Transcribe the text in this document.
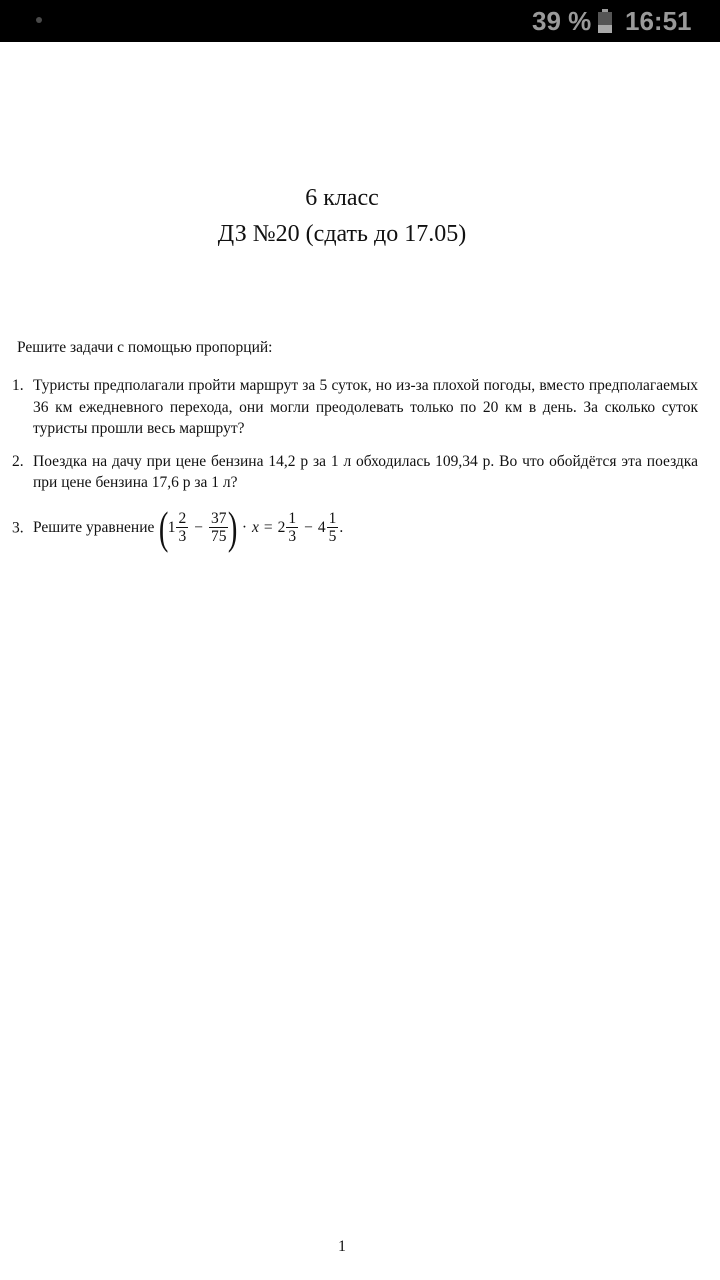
39 % 16:51
6 класс
ДЗ №20 (сдать до 17.05)
Решите задачи с помощью пропорций:
1. Туристы предполагали пройти маршрут за 5 суток, но из-за плохой погоды, вместо предполагаемых 36 км ежедневного перехода, они могли преодолевать только по 20 км в день. За сколько суток туристы прошли весь маршрут?
2. Поездка на дачу при цене бензина 14,2 р за 1 л обходилась 109,34 р. Во что обойдётся эта поездка при цене бензина 17,6 р за 1 л?
3. Решите уравнение (
$1 \frac{2}{3} - \frac{37}{75}$ ) · $x = 2 \frac{1}{3} - 4 \frac{1}{5}$ .
1
